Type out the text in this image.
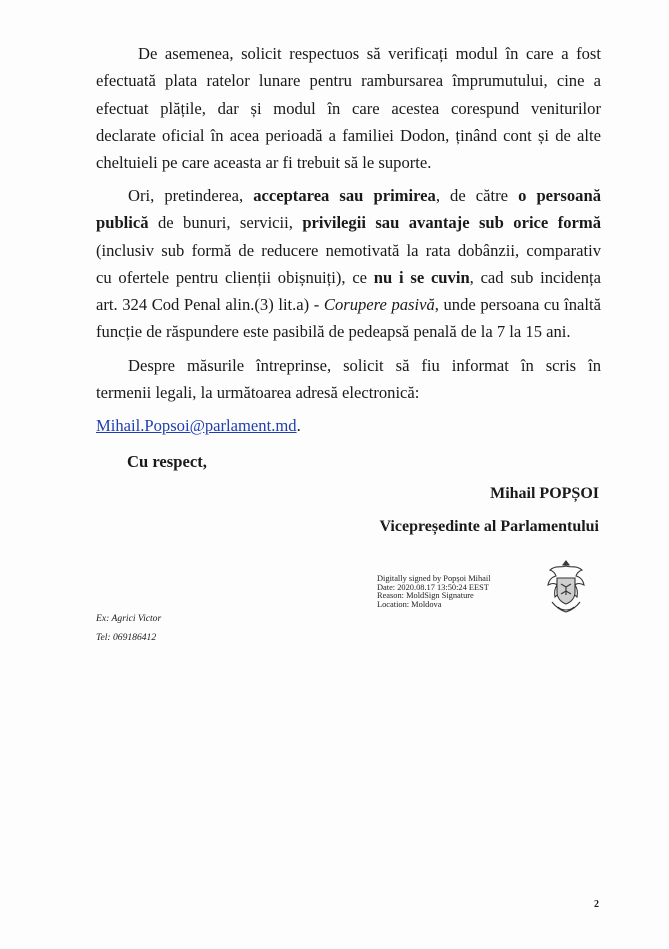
De asemenea, solicit respectuos să verificați modul în care a fost
efectuată plata ratelor lunare pentru rambursarea împrumutului, cine a
efectuat plățile, dar și modul în care acestea corespund veniturilor
declarate oficial în acea perioadă a familiei Dodon, ținând cont și de alte
cheltuieli pe care aceasta ar fi trebuit să le suporte.
Ori, pretinderea, acceptarea sau primirea, de către o persoană
publică de bunuri, servicii, privilegii sau avantaje sub orice formă
(inclusiv sub formă de reducere nemotivată la rata dobânzii, comparativ
cu ofertele pentru clienții obișnuiți), ce nu i se cuvin, cad sub incidența
art. 324 Cod Penal alin.(3) lit.a) - Corupere pasivă, unde persoana cu înaltă
funcție de răspundere este pasibilă de pedeapsă penală de la 7 la 15 ani.
Despre măsurile întreprinse, solicit să fiu informat în scris în
termenii legali, la următoarea adresă electronică:
Mihail.Popsoi@parlament.md.

Cu respect,

Mihail POPȘOI

Vicepreședinte al Parlamentului

Digitally signed by Popșoi Mihail
Date: 2020.08.17 13:50:24 EEST
Reason: MoldSign Signature
Location: Moldova

Ex: Agrici Victor

Tel: 069186412

2
